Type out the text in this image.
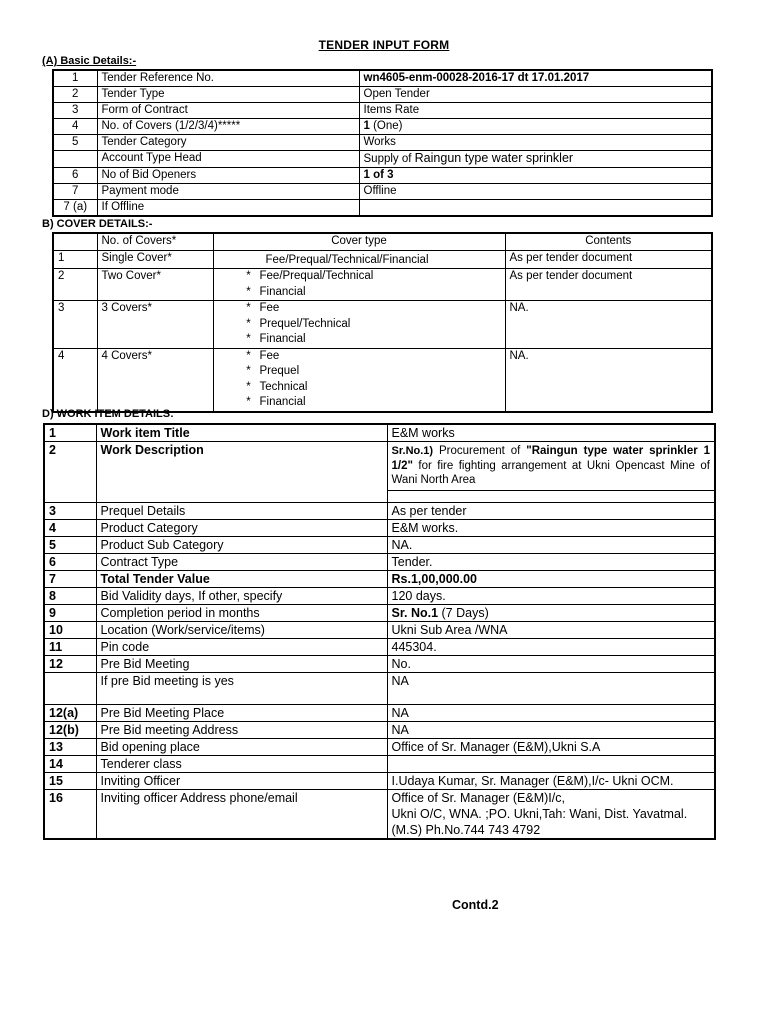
TENDER INPUT FORM
(A) Basic Details:-
1	Tender Reference No.	wn4605-enm-00028-2016-17 dt 17.01.2017
2	Tender Type	Open Tender
3	Form of Contract	Items Rate
4	No. of Covers (1/2/3/4)*****	1 (One)
5	Tender Category	Works
	Account Type Head	Supply of Raingun type water sprinkler
6	No of Bid Openers	1 of 3
7	Payment mode	Offline
7 (a)	If Offline	
B) COVER DETAILS:-
	No. of Covers*	Cover type	Contents
1	Single Cover*	Fee/Prequal/Technical/Financial	As per tender document
2	Two Cover*	* Fee/Prequal/Technical
* Financial	As per tender document
3	3 Covers*	* Fee
* Prequel/Technical
* Financial	NA.
4	4 Covers*	* Fee
* Prequel
* Technical
* Financial	NA.
D) WORK ITEM DETAILS:
1	Work item Title	E&M works
2	Work Description	Sr.No.1) Procurement of "Raingun type water sprinkler 1 1/2" for fire fighting arrangement at Ukni Opencast Mine of Wani North Area

3	Prequel Details	As per tender
4	Product Category	E&M works.
5	Product Sub Category	NA.
6	Contract Type	Tender.
7	Total Tender Value	Rs.1,00,000.00
8	Bid Validity days, If other, specify	120 days.
9	Completion period in months	Sr. No.1 (7 Days)
10	Location (Work/service/items)	Ukni Sub Area /WNA
11	Pin code	445304.
12	Pre Bid Meeting	No.
	If pre Bid meeting is yes	NA
12(a)	Pre Bid Meeting Place	NA
12(b)	Pre Bid meeting Address	NA
13	Bid opening place	Office of Sr. Manager (E&M),Ukni S.A
14	Tenderer class	
15	Inviting Officer	I.Udaya Kumar, Sr. Manager (E&M),I/c- Ukni OCM.
16	Inviting officer Address phone/email	Office of Sr. Manager (E&M)I/c,
Ukni O/C, WNA. ;PO. Ukni,Tah: Wani, Dist. Yavatmal.
(M.S) Ph.No.744 743 4792
Contd.2
